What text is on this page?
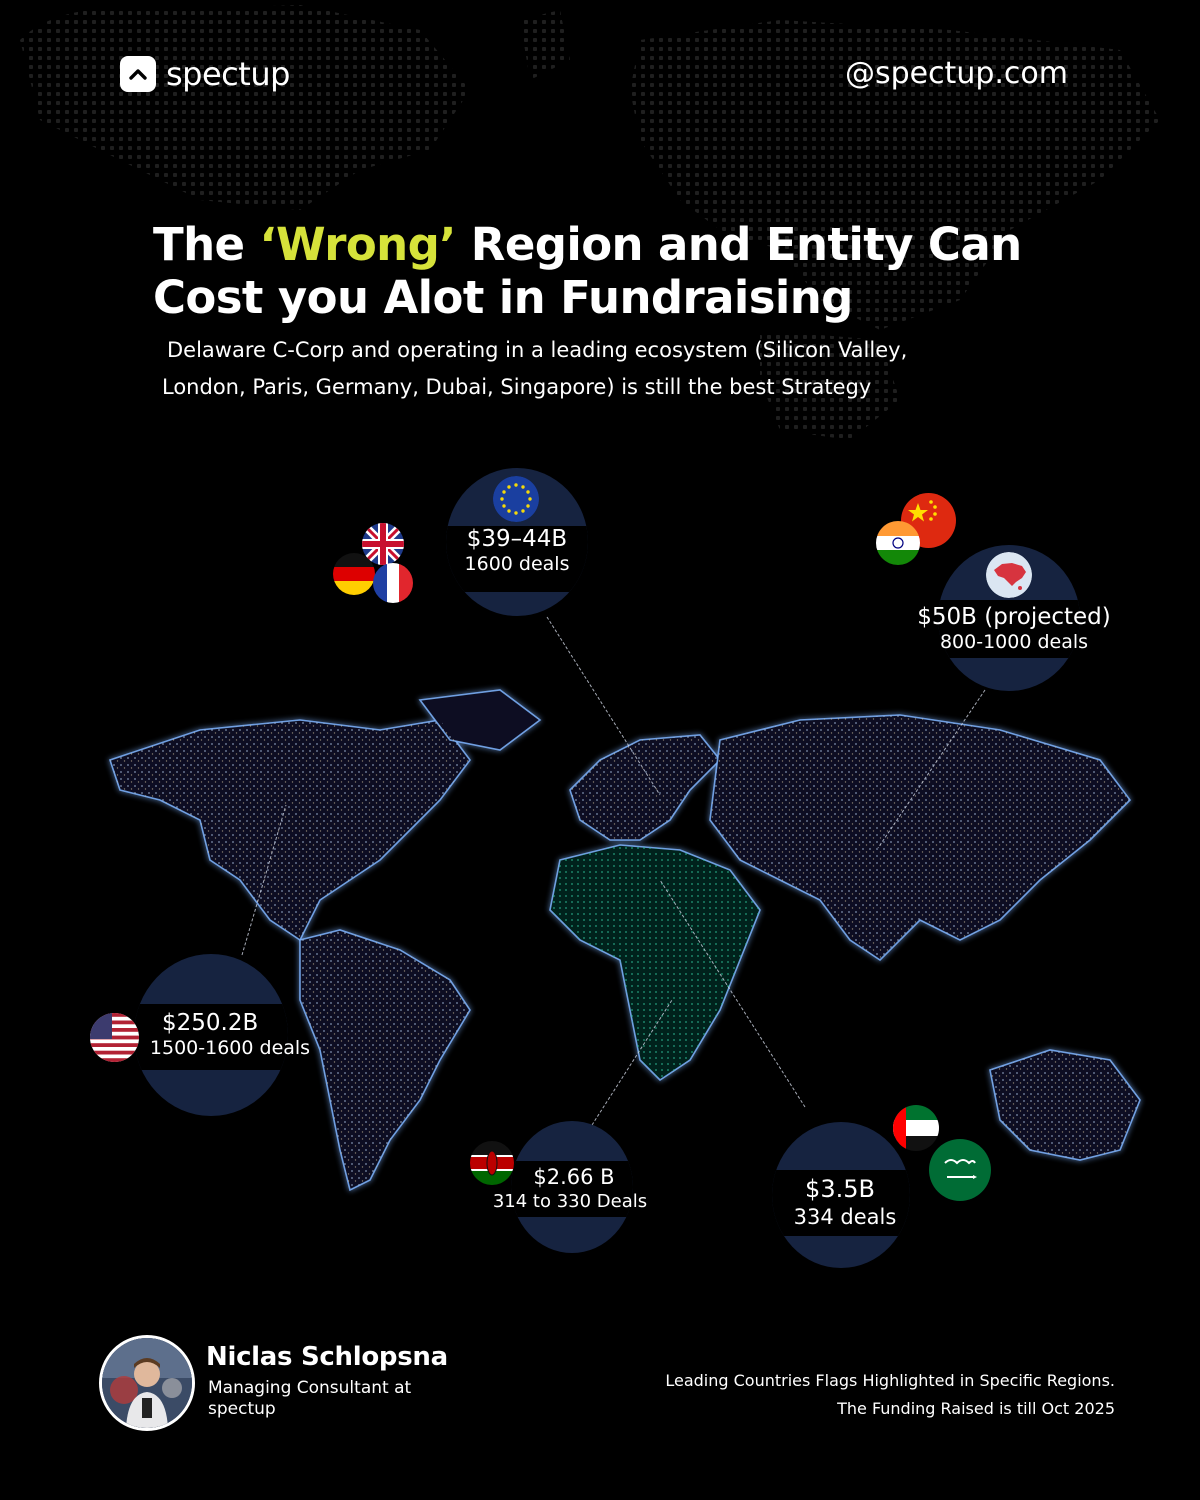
spectup	@spectup.com
The ‘Wrong’ Region and Entity Can Cost you Alot in Fundraising
Delaware C-Corp and operating in a leading ecosystem (Silicon Valley,
London, Paris, Germany, Dubai, Singapore) is still the best Strategy
$39–44B
1600 deals
$50B (projected)
800-1000 deals
$250.2B
1500-1600 deals
$2.66 B
314 to 330 Deals	$3.5B
334 deals
Niclas Schlopsna
Managing Consultant at spectup
Leading Countries Flags Highlighted in Specific Regions.
The Funding Raised is till Oct 2025
